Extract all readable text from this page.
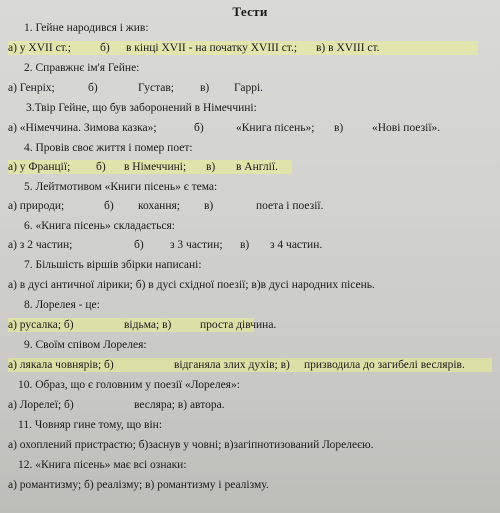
Тести
1. Гейне народився і жив:
а) у XVII ст.;	б) в кінці XVII - на початку XVIII ст.; в) в XVIII ст.
2. Справжнє ім'я Гейне:
а) Генріх;	б)	Густав; в) Гаррі.
3.Твір Гейне, що був заборонений в Німеччині:
а) «Німеччина. Зимова казка»;	б)	«Книга пісень»; в) «Нові поезії».
4. Провів своє життя і помер поет:
а) у Франції; б) в Німеччині; в) в Англії.
5. Лейтмотивом «Книги пісень» є тема:
а) природи;	б) кохання; в)	поета і поезії.
6. «Книга пісень» складається:
а) з 2 частин;	б) з 3 частин; в) з 4 частин.
7. Більшість віршів збірки написані:
а) в дусі античної лірики; б) в дусі східної поезії; в)в дусі народних пісень.
8. Лорелея - це:
а) русалка; б)	відьма; в) проста дівчина.
9. Своїм співом Лорелея:
а) лякала човнярів; б)	відганяла злих духів; в) призводила до загибелі веслярів.
10. Образ, що є головним у поезії «Лорелея»:
а) Лорелеї; б)	весляра; в) автора.
11. Човняр гине тому, що він:
а) охоплений пристрастю; б)заснув у човні; в)загіпнотизований Лорелеєю.
12. «Книга пісень» має всі ознаки:
а) романтизму; б) реалізму; в) романтизму і реалізму.
